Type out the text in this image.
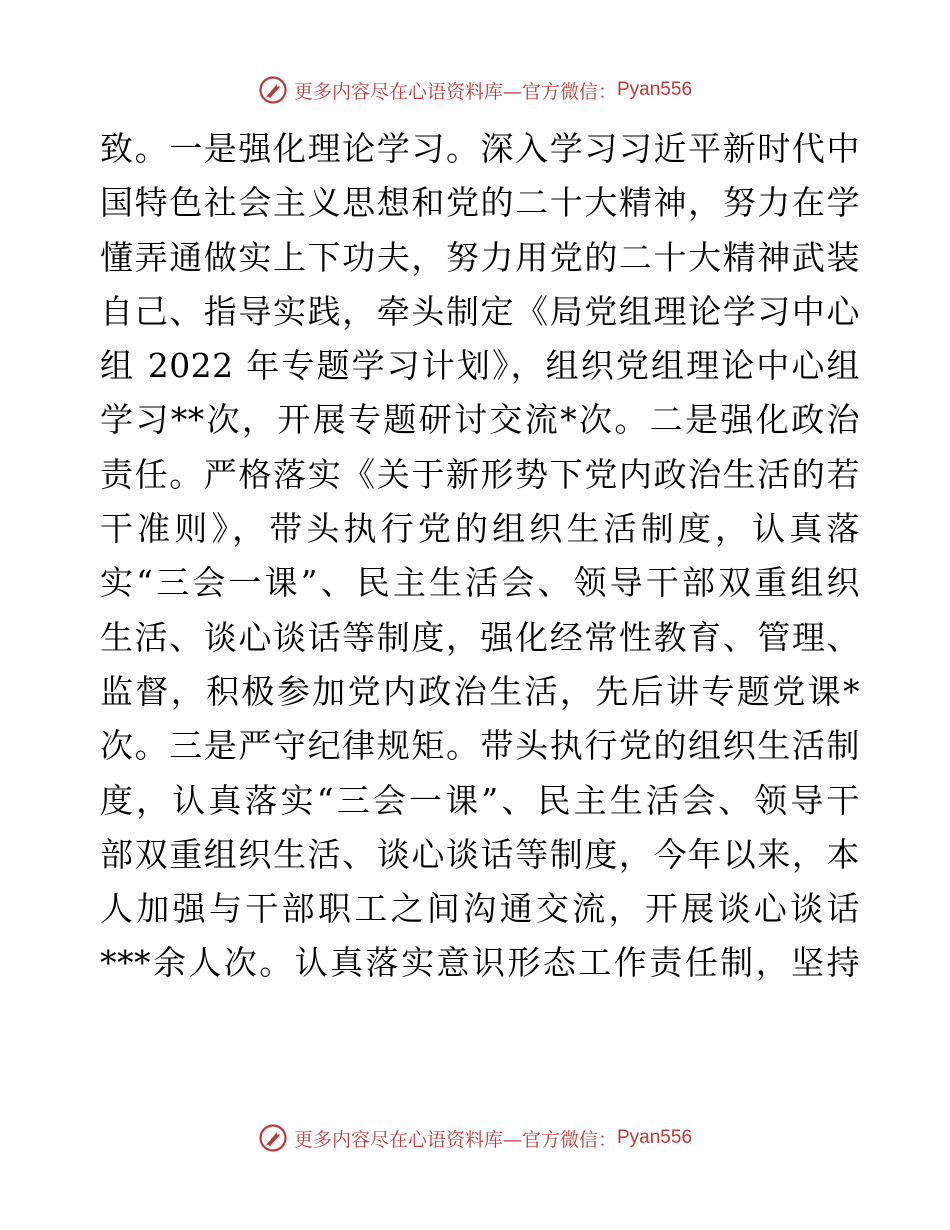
更多内容尽在心语资料库—官方微信： Pyan556
致。一是强化理论学习。深入学习习近平新时代中
国特色社会主义思想和党的二十大精神，努力在学
懂弄通做实上下功夫，努力用党的二十大精神武装
自己、指导实践，牵头制定《局党组理论学习中心
组 2022 年专题学习计划》，组织党组理论中心组
学习**次，开展专题研讨交流*次。二是强化政治
责任。严格落实《关于新形势下党内政治生活的若
干准则》，带头执行党的组织生活制度，认真落
实“三会一课”、民主生活会、领导干部双重组织
生活、谈心谈话等制度，强化经常性教育、管理、
监督，积极参加党内政治生活，先后讲专题党课*
次。三是严守纪律规矩。带头执行党的组织生活制
度，认真落实“三会一课”、民主生活会、领导干
部双重组织生活、谈心谈话等制度，今年以来，本
人加强与干部职工之间沟通交流，开展谈心谈话
***余人次。认真落实意识形态工作责任制，坚持
更多内容尽在心语资料库—官方微信： Pyan556
